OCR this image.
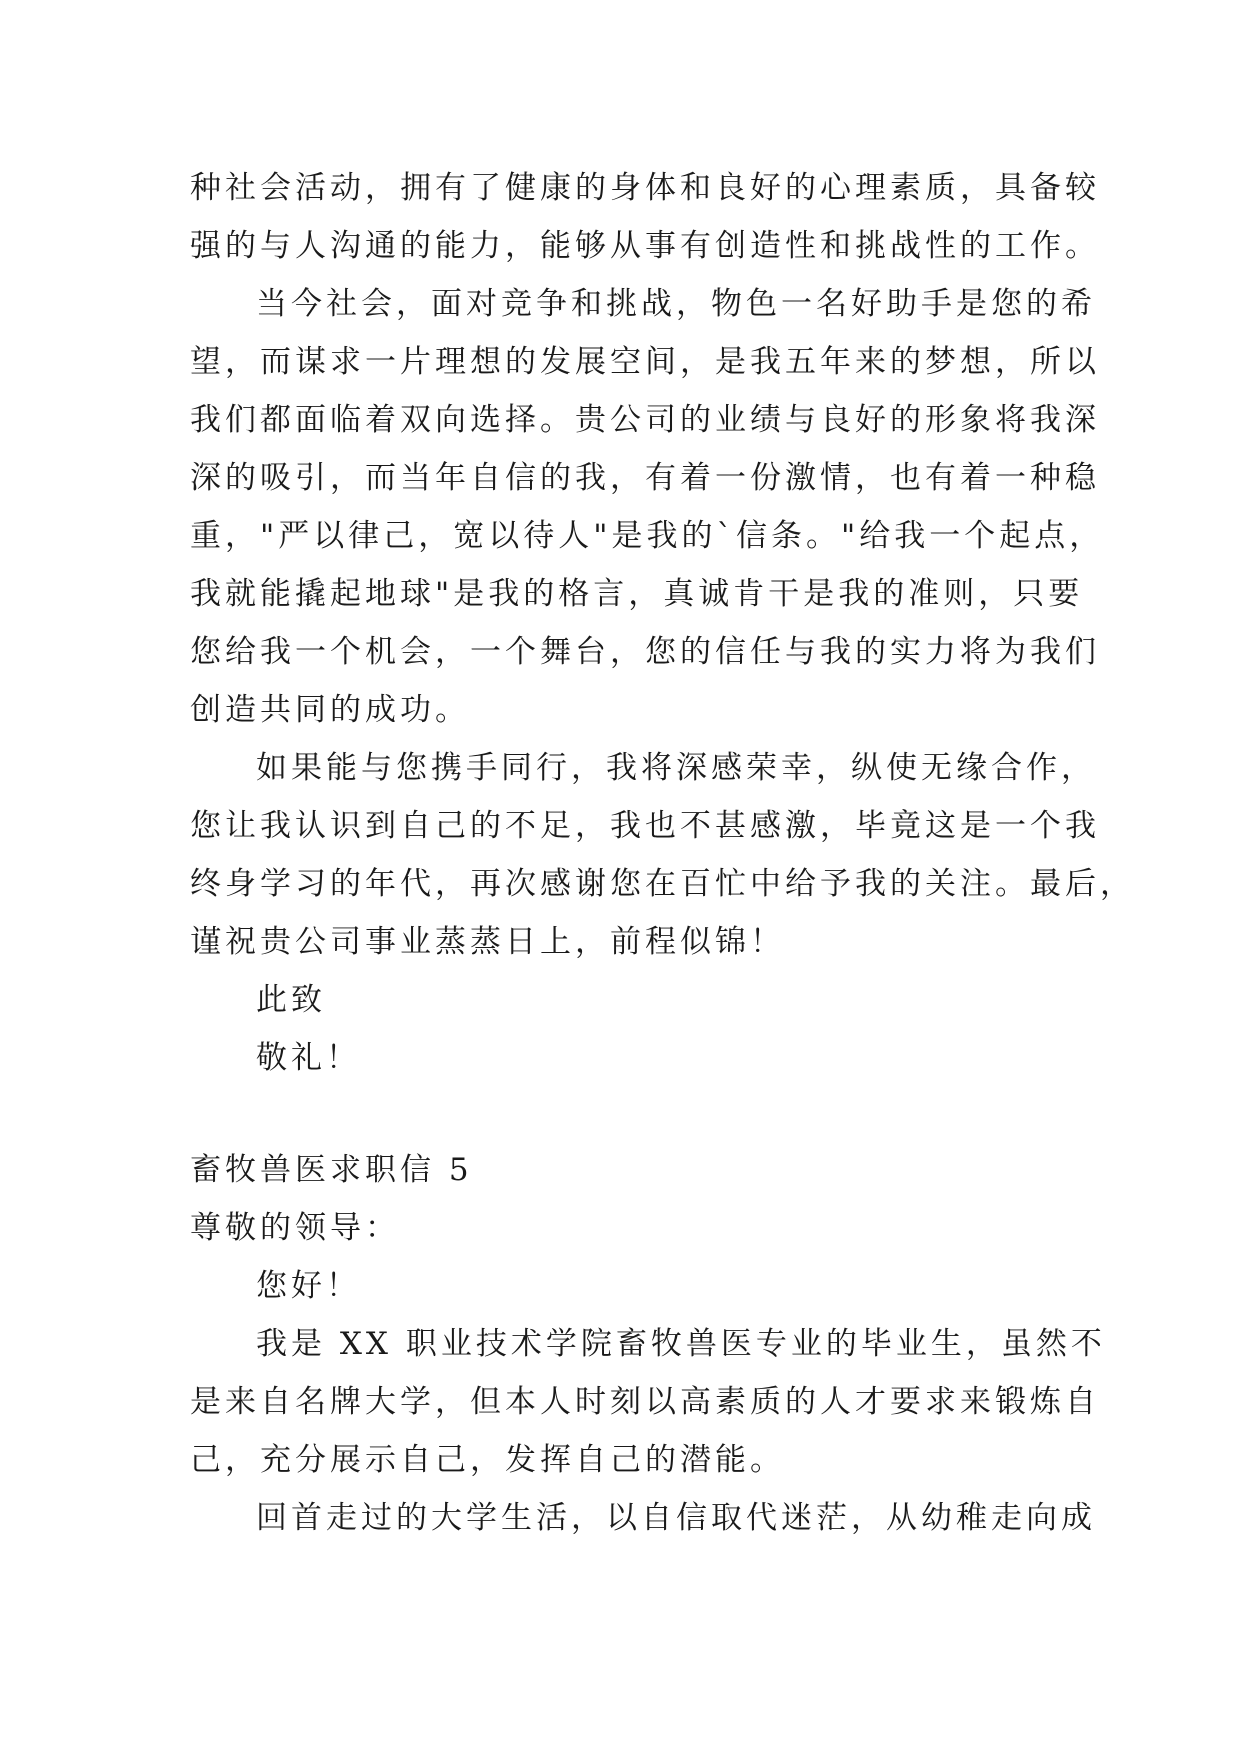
种社会活动，拥有了健康的身体和良好的心理素质，具备较
强的与人沟通的能力，能够从事有创造性和挑战性的工作。
当今社会，面对竞争和挑战，物色一名好助手是您的希
望，而谋求一片理想的发展空间，是我五年来的梦想，所以
我们都面临着双向选择。贵公司的业绩与良好的形象将我深
深的吸引，而当年自信的我，有着一份激情，也有着一种稳
重，"严以律己，宽以待人"是我的`信条。"给我一个起点，
我就能撬起地球"是我的格言，真诚肯干是我的准则，只要
您给我一个机会，一个舞台，您的信任与我的实力将为我们
创造共同的成功。
如果能与您携手同行，我将深感荣幸，纵使无缘合作，
您让我认识到自己的不足，我也不甚感激，毕竟这是一个我
终身学习的年代，再次感谢您在百忙中给予我的关注。最后，
谨祝贵公司事业蒸蒸日上，前程似锦！
此致
敬礼！
畜牧兽医求职信 5
尊敬的领导：
您好！
我是 XX 职业技术学院畜牧兽医专业的毕业生，虽然不
是来自名牌大学，但本人时刻以高素质的人才要求来锻炼自
己，充分展示自己，发挥自己的潜能。
回首走过的大学生活，以自信取代迷茫，从幼稚走向成
